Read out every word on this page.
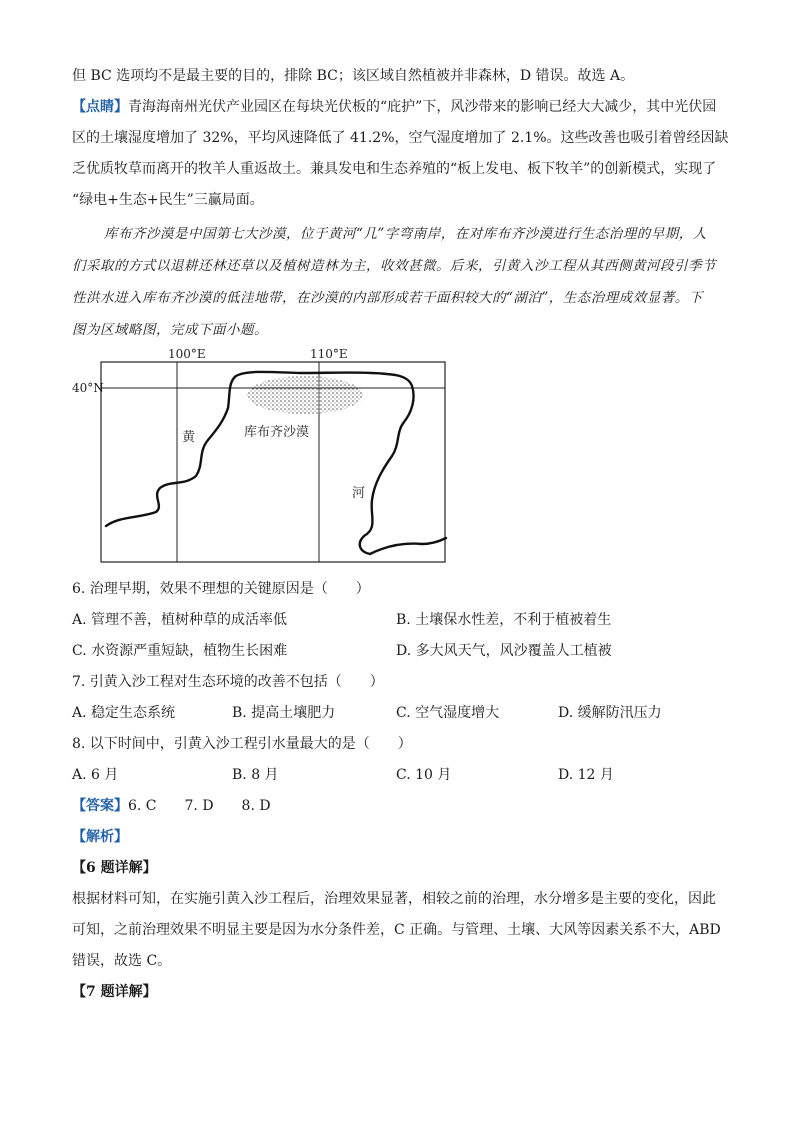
但 BC 选项均不是最主要的目的，排除 BC；该区域自然植被并非森林，D 错误。故选 A。
【点睛】青海海南州光伏产业园区在每块光伏板的“庇护”下，风沙带来的影响已经大大减少，其中光伏园
区的土壤湿度增加了 32%，平均风速降低了 41.2%，空气湿度增加了 2.1%。这些改善也吸引着曾经因缺
乏优质牧草而离开的牧羊人重返故土。兼具发电和生态养殖的“板上发电、板下牧羊”的创新模式，实现了
“绿电+生态+民生”三赢局面。
库布齐沙漠是中国第七大沙漠，位于黄河“几”字弯南岸，在对库布齐沙漠进行生态治理的早期，人
们采取的方式以退耕还林还草以及植树造林为主，收效甚微。后来，引黄入沙工程从其西侧黄河段引季节
性洪水进入库布齐沙漠的低洼地带，在沙漠的内部形成若干面积较大的“湖泊”，生态治理成效显著。下
图为区域略图，完成下面小题。
100°E	110°E
40°N
库布齐沙漠
黄
河
6. 治理早期，效果不理想的关键原因是（　　）
A. 管理不善，植树种草的成活率低	B. 土壤保水性差，不利于植被着生
C. 水资源严重短缺，植物生长困难	D. 多大风天气，风沙覆盖人工植被
7. 引黄入沙工程对生态环境的改善不包括（　　）
A. 稳定生态系统	B. 提高土壤肥力	C. 空气湿度增大	D. 缓解防汛压力
8. 以下时间中，引黄入沙工程引水量最大的是（　　）
A. 6 月	B. 8 月	C. 10 月	D. 12 月
【答案】6. C　　7. D　　8. D
【解析】
【6 题详解】
根据材料可知，在实施引黄入沙工程后，治理效果显著，相较之前的治理，水分增多是主要的变化，因此
可知，之前治理效果不明显主要是因为水分条件差，C 正确。与管理、土壤、大风等因素关系不大，ABD
错误，故选 C。
【7 题详解】
